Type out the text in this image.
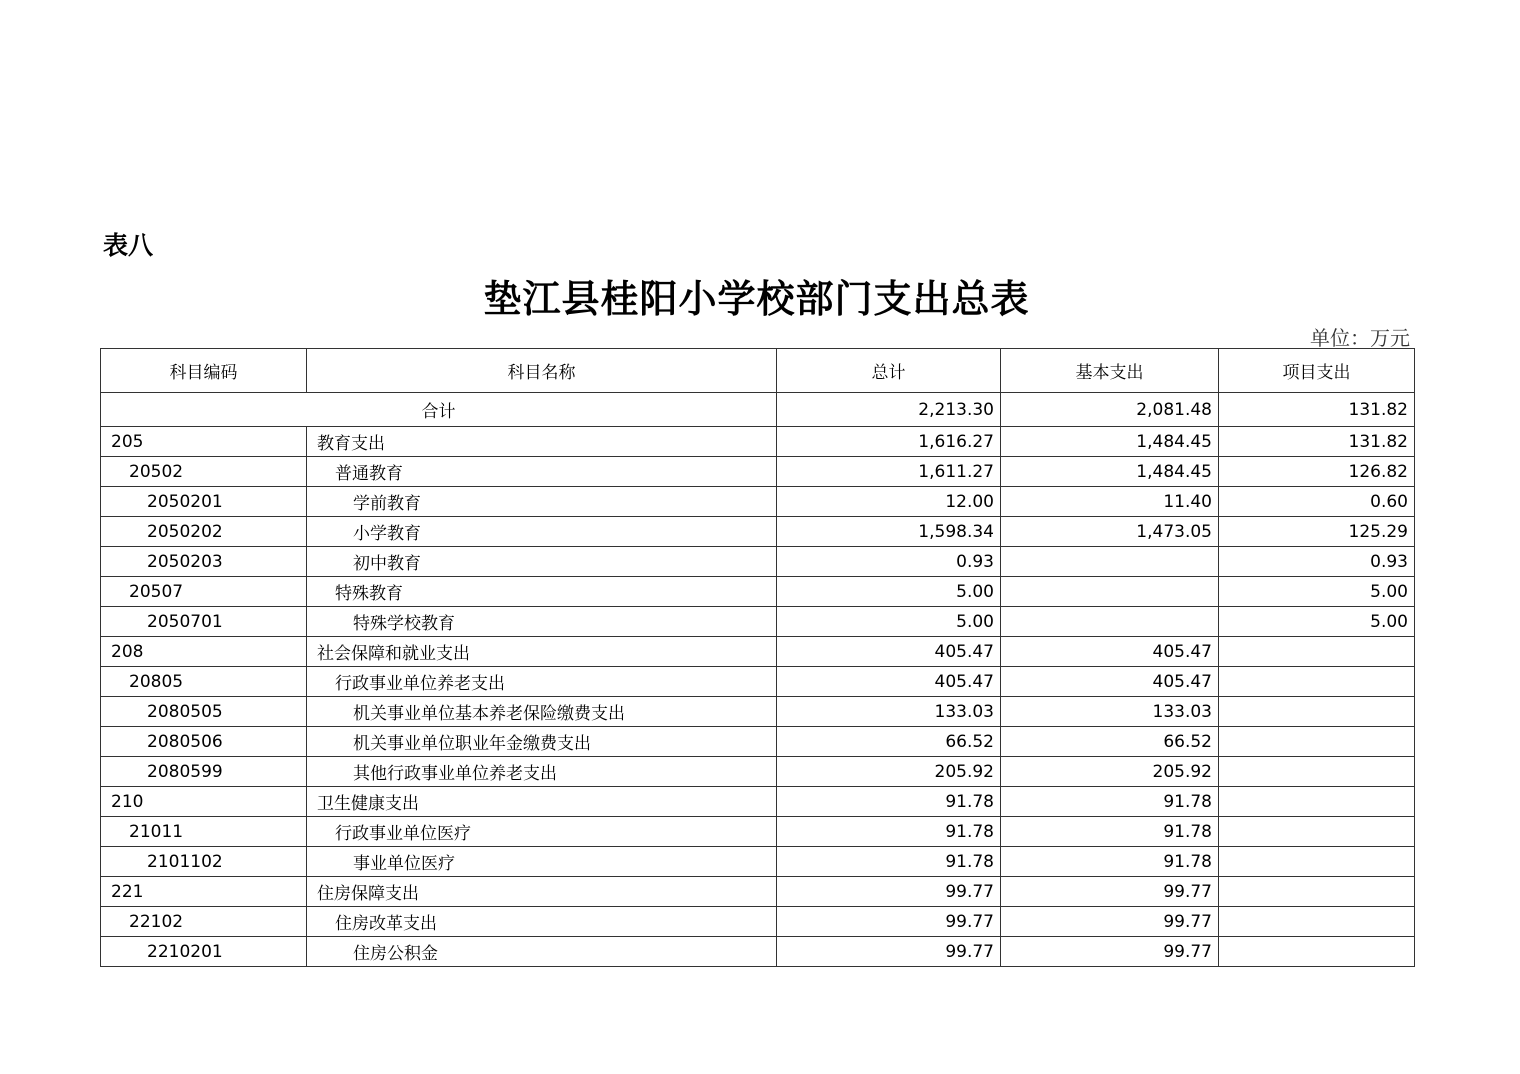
表八
垫江县桂阳小学校部门支出总表
单位：万元
科目编码	科目名称	总计	基本支出	项目支出
合计		2,213.30	2,081.48	131.82
205	教育支出	1,616.27	1,484.45	131.82
20502	普通教育	1,611.27	1,484.45	126.82
2050201	学前教育	12.00	11.40	0.60
2050202	小学教育	1,598.34	1,473.05	125.29
2050203	初中教育	0.93		0.93
20507	特殊教育	5.00		5.00
2050701	特殊学校教育	5.00		5.00
208	社会保障和就业支出	405.47	405.47	
20805	行政事业单位养老支出	405.47	405.47	
2080505	机关事业单位基本养老保险缴费支出	133.03	133.03	
2080506	机关事业单位职业年金缴费支出	66.52	66.52	
2080599	其他行政事业单位养老支出	205.92	205.92	
210	卫生健康支出	91.78	91.78	
21011	行政事业单位医疗	91.78	91.78	
2101102	事业单位医疗	91.78	91.78	
221	住房保障支出	99.77	99.77	
22102	住房改革支出	99.77	99.77	
2210201	住房公积金	99.77	99.77	
